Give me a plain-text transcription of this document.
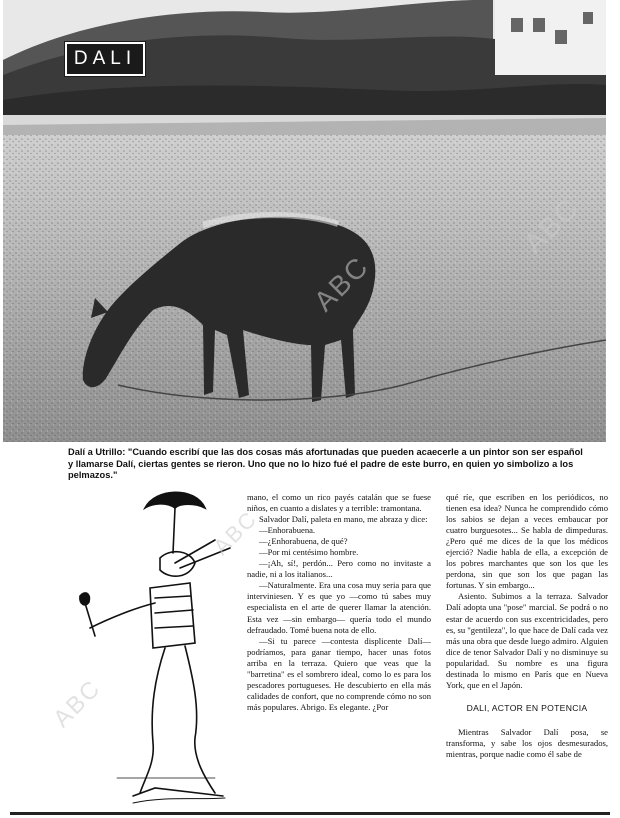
DALI
ABC
ABC

Dalí a Utrillo: "Cuando escribí que las dos cosas más afortunadas que pueden acaecerle a un pintor son ser español y llamarse Dalí, ciertas gentes se rieron. Uno que no lo hizo fué el padre de este burro, en quien yo simbolizo a los pelmazos."

ABC
ABC

mano, el como un rico payés catalán que se fuese niños, en cuanto a dislates y a terrible: tramontana.

Salvador Dalí, paleta en mano, me abraza y dice:

—Enhorabuena.

—¿Enhorabuena, de qué?

—Por mi centésimo hombre.

—¡Ah, sí!, perdón... Pero como no invitaste a nadie, ni a los italianos...

—Naturalmente. Era una cosa muy seria para que interviniesen. Y es que yo —como tú sabes muy especialista en el arte de querer llamar la atención. Esta vez —sin embargo— quería todo el mundo defraudado. Tomé buena nota de ello.

—Si tu parece —contesta displicente Dalí— podríamos, para ganar tiempo, hacer unas fotos arriba en la terraza. Quiero que veas que la "barretina" es el sombrero ideal, como lo es para los pescadores portugueses. He descubierto en ella más calidades de confort, que no comprende cómo no son más populares. Abrigo. Es elegante. ¿Por

qué ríe, que escriben en los periódicos, no tienen esa idea? Nunca he comprendido cómo los sabios se dejan a veces embaucar por cuatro burguesotes... Se habla de dimpeduras. ¿Pero qué me dices de la que los médicos ejerció? Nadie habla de ella, a excepción de los pobres marchantes que son los que les perdona, sin que son los que pagan las fortunas. Y sin embargo...

Asiento. Subimos a la terraza. Salvador Dalí adopta una "pose" marcial. Se podrá o no estar de acuerdo con sus excentricidades, pero es, su "gentileza", lo que hace de Dalí cada vez más una obra que desde luego admiro. Alguien dice de tenor Salvador Dalí y no disminuye su popularidad. Su nombre es una figura destinada lo mismo en París que en Nueva York, que en el Japón.

DALI, ACTOR EN POTENCIA

Mientras Salvador Dalí posa, se transforma, y sabe los ojos desmesurados, mientras, porque nadie como él sabe de
